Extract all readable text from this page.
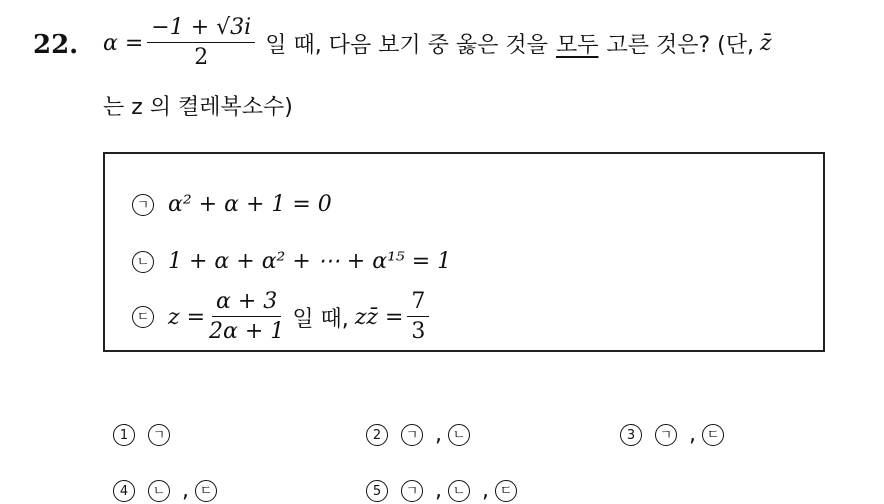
22. $\alpha = \frac{-1 + √3i}{2}$ 일 때, 다음 보기 중 옳은 것을 모두 고른 것은? (단, z̄
는 z 의 켤레복소수)
ㄱ α² + α + 1 = 0
ㄴ 1 + α + α² + ⋯ + α¹⁵ = 1
ㄷ $z = \frac{\alpha + 3}{2\alpha + 1}$ 일 때, zz̄ = $\frac{7}{3}$
1 ㄱ	2 ㄱ , ㄴ	3 ㄱ , ㄷ
4 ㄴ , ㄷ	5 ㄱ , ㄴ , ㄷ
